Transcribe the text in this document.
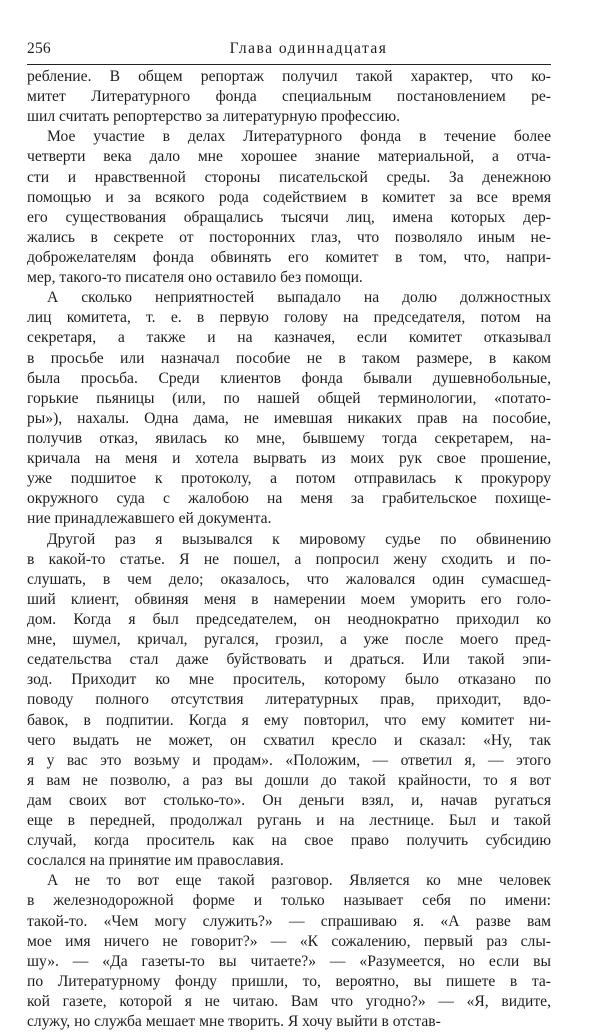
256	Глава одиннадцатая
ребление. В общем репортаж получил такой характер, что ко-
митет Литературного фонда специальным постановлением ре-
шил считать репортерство за литературную профессию.
Мое участие в делах Литературного фонда в течение более
четверти века дало мне хорошее знание материальной, а отча-
сти и нравственной стороны писательской среды. За денежною
помощью и за всякого рода содействием в комитет за все время
его существования обращались тысячи лиц, имена которых дер-
жались в секрете от посторонних глаз, что позволяло иным не-
доброжелателям фонда обвинять его комитет в том, что, напри-
мер, такого-то писателя оно оставило без помощи.
А сколько неприятностей выпадало на долю должностных
лиц комитета, т. е. в первую голову на председателя, потом на
секретаря, а также и на казначея, если комитет отказывал
в просьбе или назначал пособие не в таком размере, в каком
была просьба. Среди клиентов фонда бывали душевнобольные,
горькие пьяницы (или, по нашей общей терминологии, «потато-
ры»), нахалы. Одна дама, не имевшая никаких прав на пособие,
получив отказ, явилась ко мне, бывшему тогда секретарем, на-
кричала на меня и хотела вырвать из моих рук свое прошение,
уже подшитое к протоколу, а потом отправилась к прокурору
окружного суда с жалобою на меня за грабительское похище-
ние принадлежавшего ей документа.
Другой раз я вызывался к мировому судье по обвинению
в какой-то статье. Я не пошел, а попросил жену сходить и по-
слушать, в чем дело; оказалось, что жаловался один сумасшед-
ший клиент, обвиняя меня в намерении моем уморить его голо-
дом. Когда я был председателем, он неоднократно приходил ко
мне, шумел, кричал, ругался, грозил, а уже после моего пред-
седательства стал даже буйствовать и драться. Или такой эпи-
зод. Приходит ко мне проситель, которому было отказано по
поводу полного отсутствия литературных прав, приходит, вдо-
бавок, в подпитии. Когда я ему повторил, что ему комитет ни-
чего выдать не может, он схватил кресло и сказал: «Ну, так
я у вас это возьму и продам». «Положим, — ответил я, — этого
я вам не позволю, а раз вы дошли до такой крайности, то я вот
дам своих вот столько-то». Он деньги взял, и, начав ругаться
еще в передней, продолжал ругань и на лестнице. Был и такой
случай, когда проситель как на свое право получить субсидию
сослался на принятие им православия.
А не то вот еще такой разговор. Является ко мне человек
в железнодорожной форме и только называет себя по имени:
такой-то. «Чем могу служить?» — спрашиваю я. «А разве вам
мое имя ничего не говорит?» — «К сожалению, первый раз слы-
шу». — «Да газеты-то вы читаете?» — «Разумеется, но если вы
по Литературному фонду пришли, то, вероятно, вы пишете в та-
кой газете, которой я не читаю. Вам что угодно?» — «Я, видите,
служу, но служба мешает мне творить. Я хочу выйти в отстав-
